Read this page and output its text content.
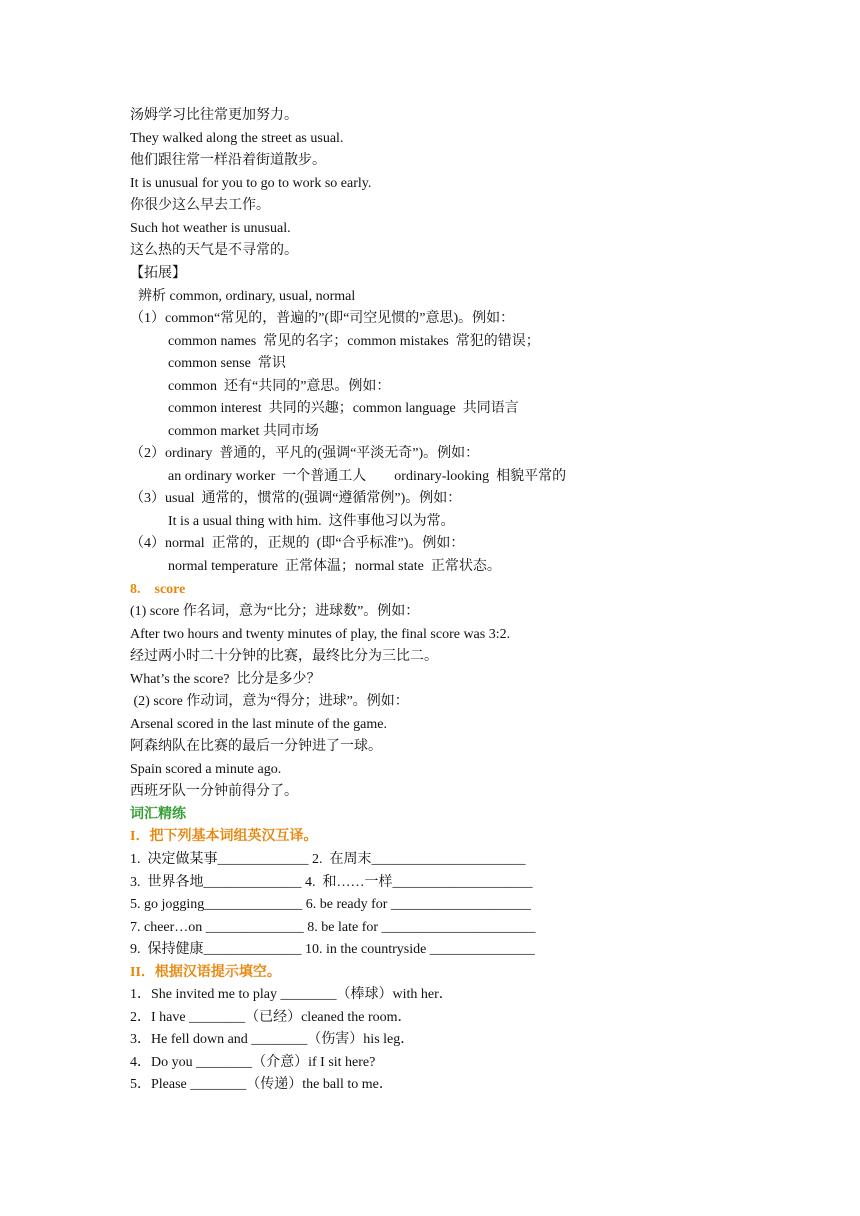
汤姆学习比往常更加努力。
They walked along the street as usual.
他们跟往常一样沿着街道散步。
It is unusual for you to go to work so early.
你很少这么早去工作。
Such hot weather is unusual.
这么热的天气是不寻常的。
【拓展】
辨析 common, ordinary, usual, normal
（1）common“常见的，普遍的”(即“司空见惯的”意思)。例如：
common names  常见的名字；common mistakes  常犯的错误；
common sense  常识
common  还有“共同的”意思。例如：
common interest  共同的兴趣；common language  共同语言
common market 共同市场
（2）ordinary  普通的，平凡的(强调“平淡无奇”)。例如：
an ordinary worker  一个普通工人        ordinary-looking  相貌平常的
（3）usual  通常的，惯常的(强调“遵循常例”)。例如：
It is a usual thing with him.  这件事他习以为常。
（4）normal  正常的，正规的  (即“合乎标准”)。例如：
normal temperature  正常体温；normal state  正常状态。
8.    score
(1) score 作名词，意为“比分；进球数”。例如：
After two hours and twenty minutes of play, the final score was 3:2.
经过两小时二十分钟的比赛，最终比分为三比二。
What’s the score?  比分是多少？
(2) score 作动词，意为“得分；进球”。例如：
Arsenal scored in the last minute of the game.
阿森纳队在比赛的最后一分钟进了一球。
Spain scored a minute ago.
西班牙队一分钟前得分了。
词汇精练
I．把下列基本词组英汉互译。
1.  决定做某事_____________ 2.  在周末______________________
3.  世界各地______________ 4.  和……一样____________________
5. go jogging______________ 6. be ready for ____________________
7. cheer…on ______________ 8. be late for ______________________
9.  保持健康______________ 10. in the countryside _______________
II．根据汉语提示填空。
1．She invited me to play ________（棒球）with her．
2．I have ________（已经）cleaned the room．
3．He fell down and ________（伤害）his leg．
4．Do you ________（介意）if I sit here?
5．Please ________（传递）the ball to me．
